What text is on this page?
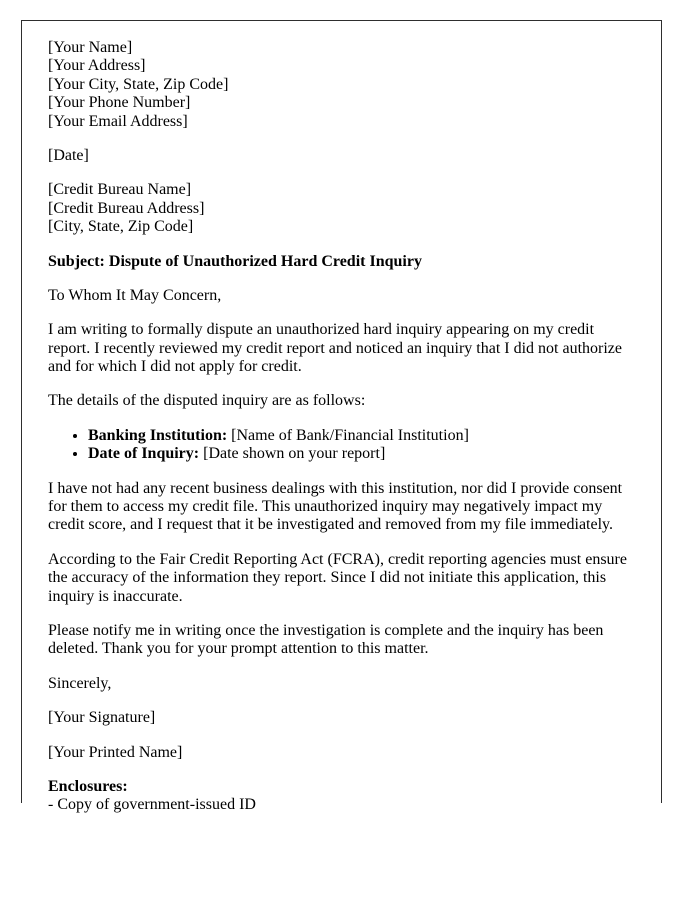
[Your Name]
[Your Address]
[Your City, State, Zip Code]
[Your Phone Number]
[Your Email Address]

[Date]

[Credit Bureau Name]
[Credit Bureau Address]
[City, State, Zip Code]

Subject: Dispute of Unauthorized Hard Credit Inquiry

To Whom It May Concern,

I am writing to formally dispute an unauthorized hard inquiry appearing on my credit report. I recently reviewed my credit report and noticed an inquiry that I did not authorize and for which I did not apply for credit.

The details of the disputed inquiry are as follows:

• Banking Institution: [Name of Bank/Financial Institution]
• Date of Inquiry: [Date shown on your report]

I have not had any recent business dealings with this institution, nor did I provide consent for them to access my credit file. This unauthorized inquiry may negatively impact my credit score, and I request that it be investigated and removed from my file immediately.

According to the Fair Credit Reporting Act (FCRA), credit reporting agencies must ensure the accuracy of the information they report. Since I did not initiate this application, this inquiry is inaccurate.

Please notify me in writing once the investigation is complete and the inquiry has been deleted. Thank you for your prompt attention to this matter.

Sincerely,

[Your Signature]

[Your Printed Name]

Enclosures:
- Copy of government-issued ID
